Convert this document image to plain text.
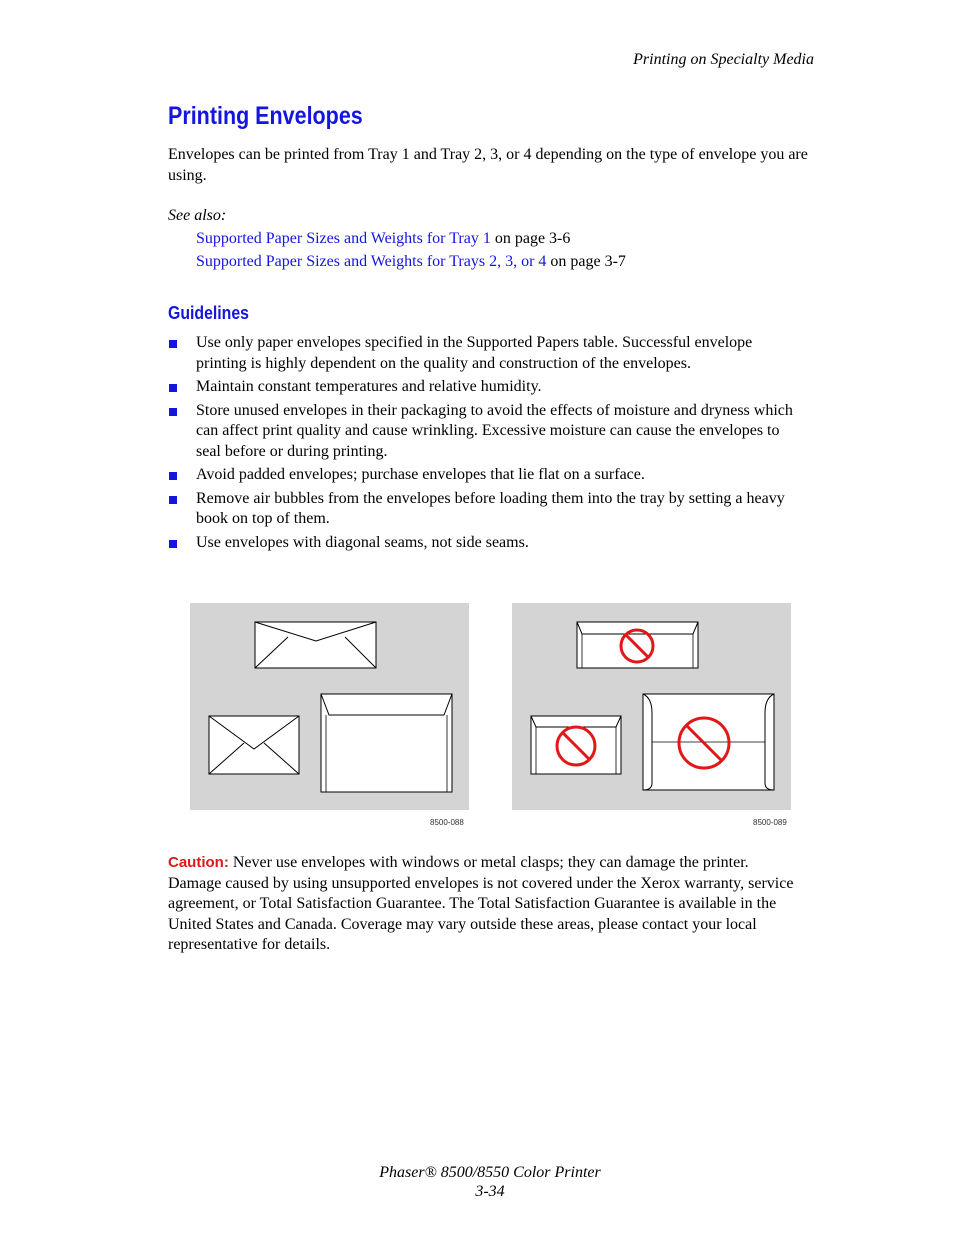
Printing on Specialty Media
Printing Envelopes

Envelopes can be printed from Tray 1 and Tray 2, 3, or 4 depending on the type of envelope you are using.

See also:

Supported Paper Sizes and Weights for Tray 1 on page 3-6
Supported Paper Sizes and Weights for Trays 2, 3, or 4 on page 3-7
Guidelines
Use only paper envelopes specified in the Supported Papers table. Successful envelope printing is highly dependent on the quality and construction of the envelopes.
Maintain constant temperatures and relative humidity.
Store unused envelopes in their packaging to avoid the effects of moisture and dryness which can affect print quality and cause wrinkling. Excessive moisture can cause the envelopes to seal before or during printing.
Avoid padded envelopes; purchase envelopes that lie flat on a surface.
Remove air bubbles from the envelopes before loading them into the tray by setting a heavy book on top of them.
Use envelopes with diagonal seams, not side seams.
8500-088	8500-089

Caution: Never use envelopes with windows or metal clasps; they can damage the printer. Damage caused by using unsupported envelopes is not covered under the Xerox warranty, service agreement, or Total Satisfaction Guarantee. The Total Satisfaction Guarantee is available in the United States and Canada. Coverage may vary outside these areas, please contact your local representative for details.

Phaser® 8500/8550 Color Printer
3-34
